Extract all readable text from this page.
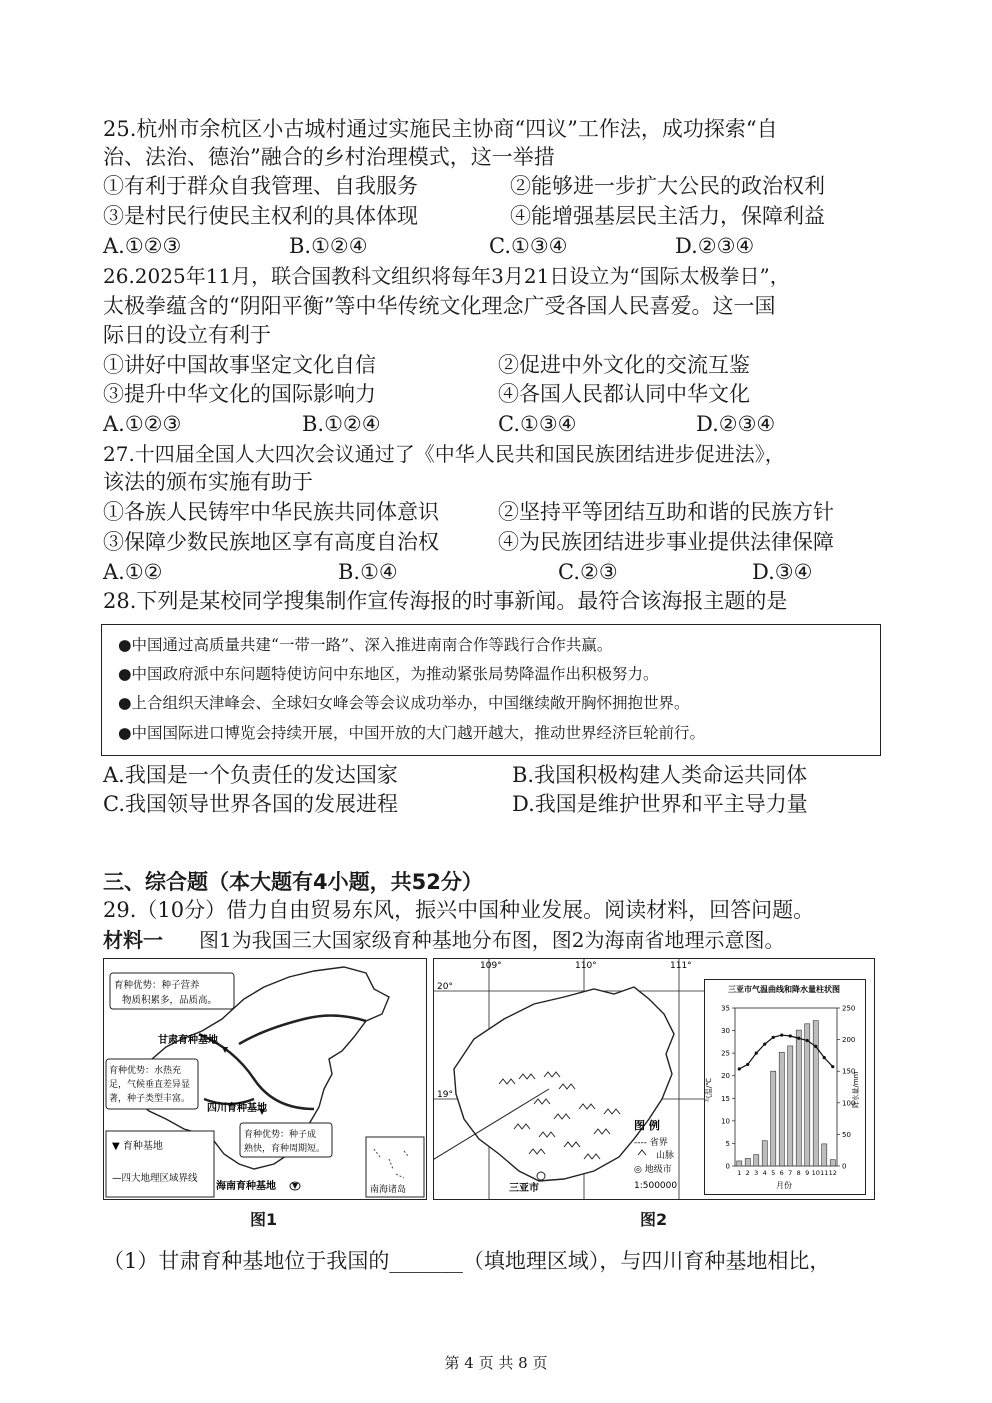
25.杭州市余杭区小古城村通过实施民主协商“四议”工作法，成功探索“自
治、法治、德治”融合的乡村治理模式，这一举措
①有利于群众自我管理、自我服务	②能够进一步扩大公民的政治权利
③是村民行使民主权利的具体体现	④能增强基层民主活力，保障利益
A.①②③	B.①②④	C.①③④	D.②③④
26.2025年11月，联合国教科文组织将每年3月21日设立为“国际太极拳日”，
太极拳蕴含的“阴阳平衡”等中华传统文化理念广受各国人民喜爱。这一国
际日的设立有利于
①讲好中国故事坚定文化自信	②促进中外文化的交流互鉴
③提升中华文化的国际影响力	④各国人民都认同中华文化
A.①②③	B.①②④	C.①③④	D.②③④
27.十四届全国人大四次会议通过了《中华人民共和国民族团结进步促进法》，
该法的颁布实施有助于
①各族人民铸牢中华民族共同体意识	②坚持平等团结互助和谐的民族方针
③保障少数民族地区享有高度自治权	④为民族团结进步事业提供法律保障
A.①②	B.①④	C.②③	D.③④
28.下列是某校同学搜集制作宣传海报的时事新闻。最符合该海报主题的是
●中国通过高质量共建“一带一路”、深入推进南南合作等践行合作共赢。
●中国政府派中东问题特使访问中东地区，为推动紧张局势降温作出积极努力。
●上合组织天津峰会、全球妇女峰会等会议成功举办，中国继续敞开胸怀拥抱世界。
●中国国际进口博览会持续开展，中国开放的大门越开越大，推动世界经济巨轮前行。
A.我国是一个负责任的发达国家	B.我国积极构建人类命运共同体
C.我国领导世界各国的发展进程	D.我国是维护世界和平主导力量
三、综合题（本大题有4小题，共52分）
29.（10分）借力自由贸易东风，振兴中国种业发展。阅读材料，回答问题。
材料一 图1为我国三大国家级育种基地分布图，图2为海南省地理示意图。
南海诸岛
育种优势：种子营养
物质积累多，品质高。
甘肃育种基地
育种优势：水热充
足，气候垂直差异显
著，种子类型丰富。
四川育种基地
育种优势：种子成
熟快，育种周期短。
海南育种基地
▼ 育种基地
—四大地理区域界线
图1
109°	110°	111°
20°
19°
三亚市
图 例
---- 省界
山脉
◎ 地级市
1:500000
三亚市气温曲线和降水量柱状图
气温/℃	降水量/mm
月份
35
30
25
20
15
10
5
0
250
200
150
100
50
0
1 2 3 4 5 6 7 8 9 10 11 12
图2
（1）甘肃育种基地位于我国的_______（填地理区域），与四川育种基地相比，
第 4 页 共 8 页
